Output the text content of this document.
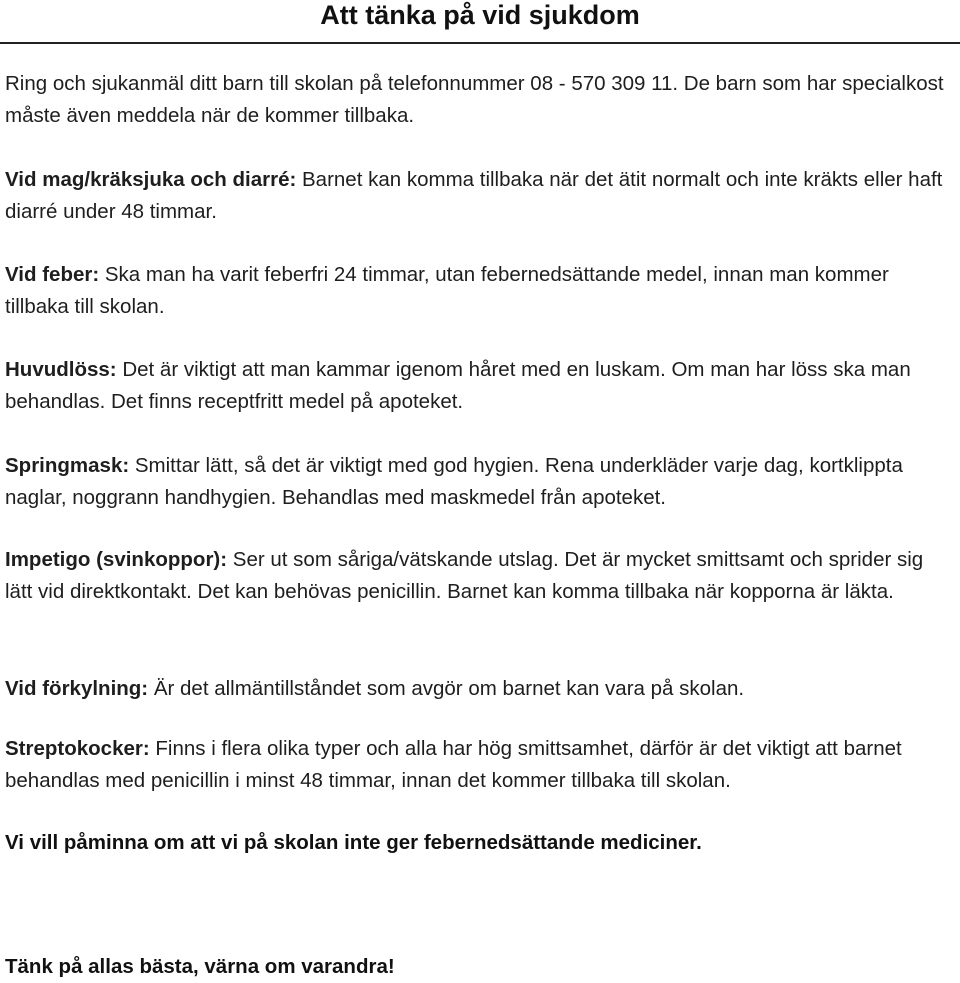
Att tänka på vid sjukdom

Ring och sjukanmäl ditt barn till skolan på telefonnummer 08 - 570 309 11. De barn som har specialkost måste även meddela när de kommer tillbaka.

Vid mag/kräksjuka och diarré: Barnet kan komma tillbaka när det ätit normalt och inte kräkts eller haft diarré under 48 timmar.

Vid feber: Ska man ha varit feberfri 24 timmar, utan febernedsättande medel, innan man kommer tillbaka till skolan.

Huvudlöss: Det är viktigt att man kammar igenom håret med en luskam. Om man har löss ska man behandlas. Det finns receptfritt medel på apoteket.

Springmask: Smittar lätt, så det är viktigt med god hygien. Rena underkläder varje dag, kortklippta naglar, noggrann handhygien. Behandlas med maskmedel från apoteket.

Impetigo (svinkoppor): Ser ut som såriga/vätskande utslag. Det är mycket smittsamt och sprider sig lätt vid direktkontakt. Det kan behövas penicillin. Barnet kan komma tillbaka när kopporna är läkta.

Vid förkylning: Är det allmäntillståndet som avgör om barnet kan vara på skolan.

Streptokocker: Finns i flera olika typer och alla har hög smittsamhet, därför är det viktigt att barnet behandlas med penicillin i minst 48 timmar, innan det kommer tillbaka till skolan.

Vi vill påminna om att vi på skolan inte ger febernedsättande mediciner.

Tänk på allas bästa, värna om varandra!
